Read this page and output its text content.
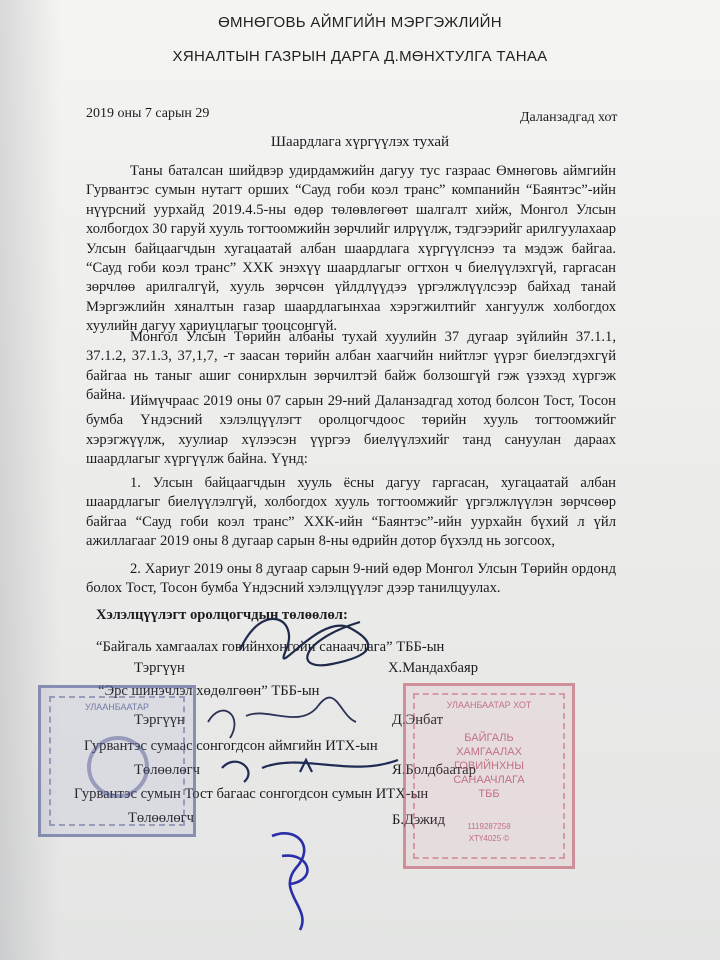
ӨМНӨГОВЬ АЙМГИЙН МЭРГЭЖЛИЙН
ХЯНАЛТЫН ГАЗРЫН ДАРГА Д.МӨНХТУЛГА ТАНАА
2019 оны 7 сарын 29	Даланзадгад хот
Шаардлага хүргүүлэх тухай
Таны баталсан шийдвэр удирдамжийн дагуу тус газраас Өмнөговь аймгийн Гурвантэс сумын нутагт орших “Сауд гоби коэл транс” компанийн “Баянтэс”-ийн нүүрсний уурхайд 2019.4.5-ны өдөр төлөвлөгөөт шалгалт хийж, Монгол Улсын холбогдох 30 гаруй хууль тогтоомжийн зөрчлийг илрүүлж, тэдгээрийг арилгуулахаар Улсын байцаагчдын хугацаатай албан шаардлага хүргүүлснээ та мэдэж байгаа. “Сауд гоби коэл транс” ХХК энэхүү шаардлагыг огтхон ч биелүүлэхгүй, гаргасан зөрчлөө арилгалгүй, хууль зөрчсөн үйлдлүүдээ үргэлжлүүлсээр байхад танай Мэргэжлийн хяналтын газар шаардлагынхаа хэрэгжилтийг хангуулж холбогдох хуулийн дагуу хариуцлагыг тооцсонгүй.
Монгол Улсын Төрийн албаны тухай хуулийн 37 дугаар зүйлийн 37.1.1, 37.1.2, 37.1.3, 37,1,7, -т заасан төрийн албан хаагчийн нийтлэг үүрэг биелэгдэхгүй байгаа нь таныг ашиг сонирхлын зөрчилтэй байж болзошгүй гэж үзэхэд хүргэж байна. Иймүчраас 2019 оны 07 сарын 29-ний Даланзадгад хотод болсон Тост, Тосон бумба Үндэсний хэлэлцүүлэгт оролцогчдоос төрийн хууль тогтоомжийг хэрэгжүүлж, хуулиар хүлээсэн үүргээ биелүүлэхийг танд сануулан дараах шаардлагыг хүргүүлж байна. Үүнд:
1. Улсын байцаагчдын хууль ёсны дагуу гаргасан, хугацаатай албан шаардлагыг биелүүлэлгүй, холбогдох хууль тогтоомжийг үргэлжлүүлэн зөрчсөөр байгаа “Сауд гоби коэл транс” ХХК-ийн “Баянтэс”-ийн уурхайн бүхий л үйл ажиллагааг 2019 оны 8 дугаар сарын 8-ны өдрийн дотор бүхэлд нь зогсоох,
2. Хариуг 2019 оны 8 дугаар сарын 9-ний өдөр Монгол Улсын Төрийн ордонд болох Тост, Тосон бумба Үндэсний хэлэлцүүлэг дээр танилцуулах.
Хэлэлцүүлэгт оролцогчдын төлөөлөл:
“Байгаль хамгаалах говийнхонгойн санаачлага” ТББ-ын
Тэргүүн	Х.Мандахбаяр
“Эрс шинэчлэл хөдөлгөөн” ТББ-ын
Тэргүүн	Д.Энбат
Гурвантэс сумаас сонгогдсон аймгийн ИТХ-ын
Төлөөлөгч	Я.Болдбаатар
Гурвантэс сумын Тост багаас сонгогдсон сумын ИТХ-ын
Төлөөлөгч	Б.Дэжид
УЛААНБААТАР	УЛААНБААТАР ХОТ
БАЙГАЛЬ
ХАМГААЛАХ
ГОВИЙНХНЫ
САНААЧЛАГА
ТББ
1119287258
ХТҮ4025 ©
